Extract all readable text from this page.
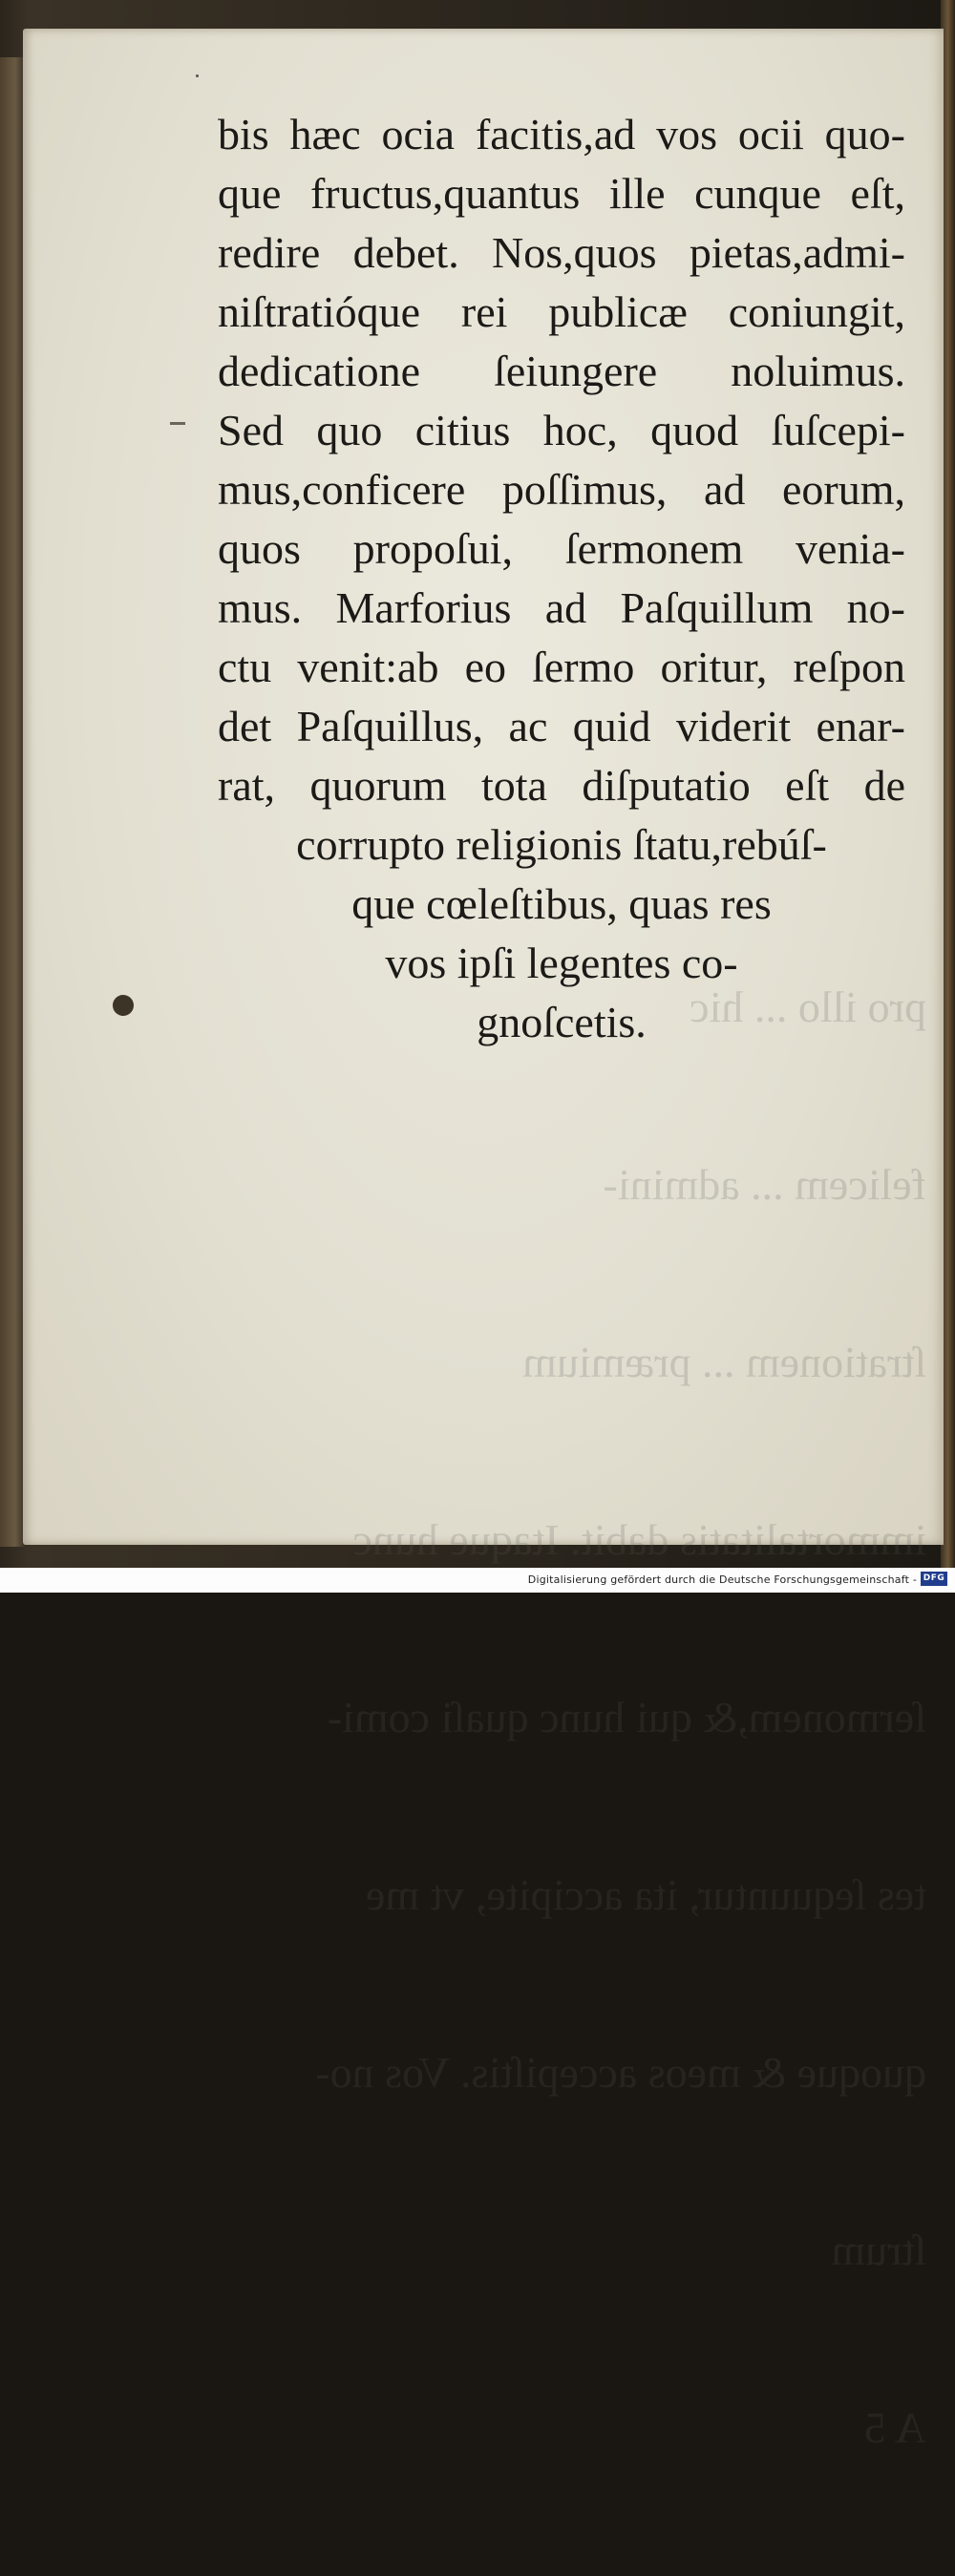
pro illo ... hic

felicem ... admini-

ſtrationem ... præmium

immortalitatis dabit. Itaque hunc

ſermonem,& qui hunc quaſi comi-

tes ſequuntur, ita accipite, vt me

quoque & meos accepiſtis. Vos no-

ſtrum

A 5

bis hæc ocia facitis,ad vos ocii quo-
que fructus,quantus ille cunque eſt,
redire debet. Nos,quos pietas,admi-
niſtratióque rei publicæ coniungit,
dedicatione ſeiungere noluimus.
Sed quo citius hoc, quod ſuſcepi-
mus,conficere poſſimus, ad eorum,
quos propoſui, ſermonem venia-
mus. Marforius ad Paſquillum no-
ctu venit:ab eo ſermo oritur, reſpon
det Paſquillus, ac quid viderit enar-
rat, quorum tota diſputatio eſt de
corrupto religionis ſtatu,rebúſ-
que cœleſtibus, quas res
vos ipſi legentes co-
gnoſcetis.
Digitalisierung gefördert durch die Deutsche Forschungsgemeinschaft - DFG
